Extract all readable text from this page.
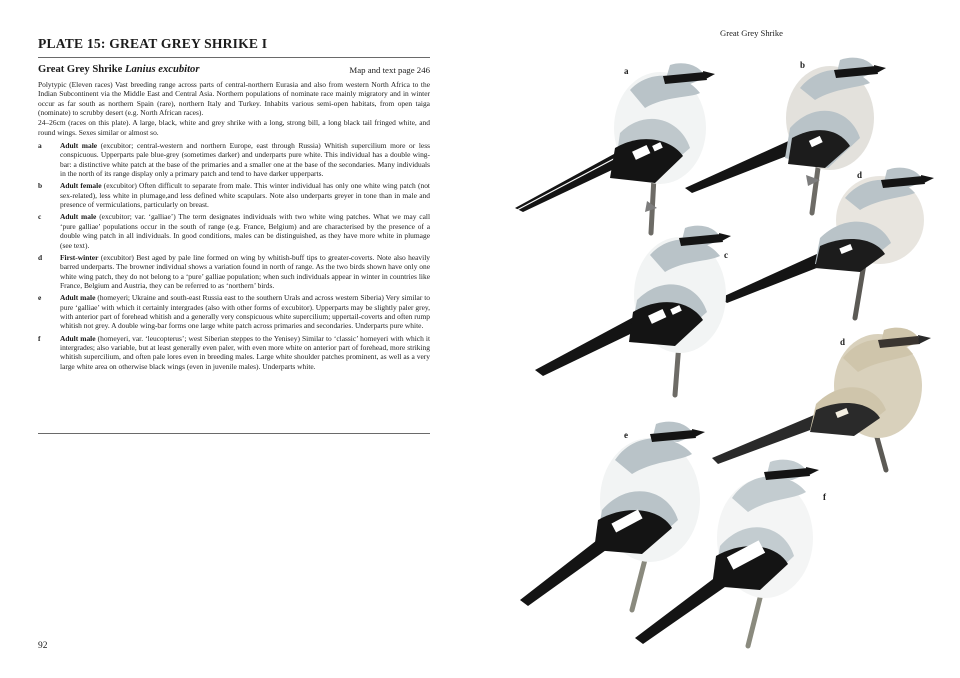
PLATE 15: GREAT GREY SHRIKE I
Great Grey Shrike Lanius excubitor	Map and text page 246

Polytypic (Eleven races) Vast breeding range across parts of central-northern Eurasia and also from western North Africa to the Indian Subcontinent via the Middle East and Central Asia. Northern populations of nominate race mainly migratory and in winter occur as far south as northern Spain (rare), northern Italy and Turkey. Inhabits various semi-open habitats, from open taiga (nominate) to scrubby desert (e.g. North African races).

24–26cm (races on this plate). A large, black, white and grey shrike with a long, strong bill, a long black tail fringed white, and round wings. Sexes similar or almost so.

a	Adult male (excubitor; central-western and northern Europe, east through Russia) Whitish supercilium more or less conspicuous. Upperparts pale blue-grey (sometimes darker) and underparts pure white. This individual has a double wing-bar: a distinctive white patch at the base of the primaries and a smaller one at the base of the secondaries. Many individuals in the north of its range display only a primary patch and tend to have darker upperparts.
b	Adult female (excubitor) Often difficult to separate from male. This winter individual has only one white wing patch (not sex-related), less white in plumage,and less defined white scapulars. Note also underparts greyer in tone than in male and presence of vermiculations, particularly on breast.
c	Adult male (excubitor; var. ‘galliae’) The term designates individuals with two white wing patches. What we may call ‘pure galliae’ populations occur in the south of range (e.g. France, Belgium) and are characterised by the presence of a double wing patch in all individuals. In good conditions, males can be distinguished, as they have more white in plumage (see text).
d	First-winter (excubitor) Best aged by pale line formed on wing by whitish-buff tips to greater-coverts. Note also heavily barred underparts. The browner individual shows a variation found in north of range. As the two birds shown have only one white wing patch, they do not belong to a ‘pure’ galliae population; when such individuals appear in winter in countries like France, Belgium and Austria, they can be referred to as ‘northern’ birds.
e	Adult male (homeyeri; Ukraine and south-east Russia east to the southern Urals and across western Siberia) Very similar to pure ‘galliae’ with which it certainly intergrades (also with other forms of excubitor). Upperparts may be slightly paler grey, with anterior part of forehead whitish and a generally very conspicuous white supercilium; uppertail-coverts and often rump whitish not grey. A double wing-bar forms one large white patch across primaries and secondaries. Underparts pure white.
f	Adult male (homeyeri, var. ‘leucopterus’; west Siberian steppes to the Yenisey) Similar to ‘classic’ homeyeri with which it intergrades; also variable, but at least generally even paler, with even more white on anterior part of forehead, more striking whitish supercilium, and often pale lores even in breeding males. Large white shoulder patches prominent, as well as a very large white area on otherwise black wings (even in juvenile males). Underparts white.
92
Great Grey Shrike
a
b
c
d
d
e
f
